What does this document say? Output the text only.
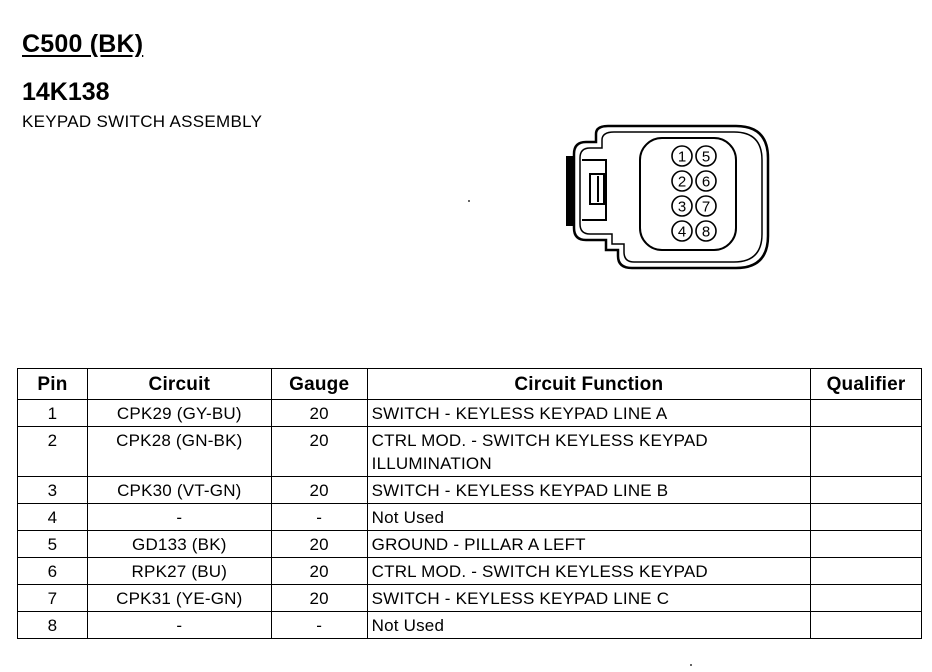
C500 (BK)
14K138
KEYPAD SWITCH ASSEMBLY
1 5
2 6
3 7
4 8
Pin	Circuit	Gauge	Circuit Function	Qualifier
1	CPK29 (GY-BU)	20	SWITCH - KEYLESS KEYPAD LINE A	
2	CPK28 (GN-BK)	20	CTRL MOD. - SWITCH KEYLESS KEYPAD ILLUMINATION	
3	CPK30 (VT-GN)	20	SWITCH - KEYLESS KEYPAD LINE B	
4	-	-	Not Used	
5	GD133 (BK)	20	GROUND - PILLAR A LEFT	
6	RPK27 (BU)	20	CTRL MOD. - SWITCH KEYLESS KEYPAD	
7	CPK31 (YE-GN)	20	SWITCH - KEYLESS KEYPAD LINE C	
8	-	-	Not Used	
